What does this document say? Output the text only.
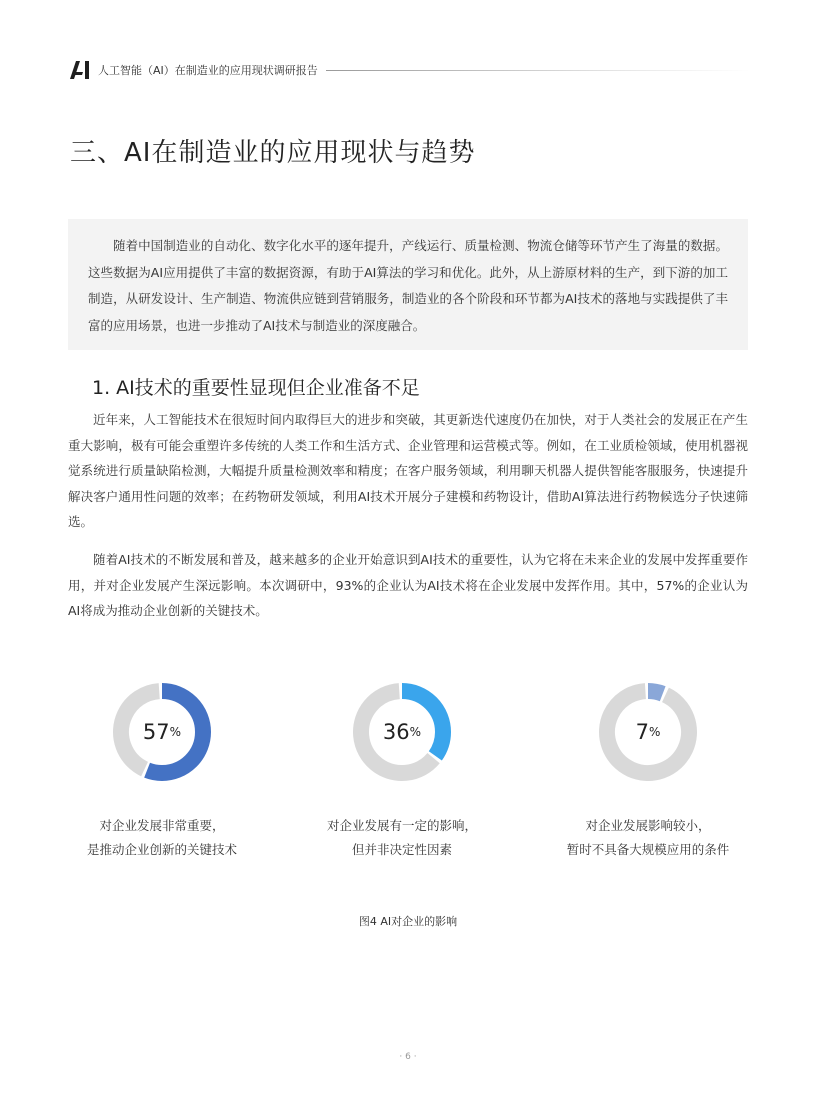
人工智能（AI）在制造业的应用现状调研报告
三、AI在制造业的应用现状与趋势
随着中国制造业的自动化、数字化水平的逐年提升，产线运行、质量检测、物流仓储等环节产生了海量的数据。这些数据为AI应用提供了丰富的数据资源，有助于AI算法的学习和优化。此外，从上游原材料的生产，到下游的加工制造，从研发设计、生产制造、物流供应链到营销服务，制造业的各个阶段和环节都为AI技术的落地与实践提供了丰富的应用场景，也进一步推动了AI技术与制造业的深度融合。
1. AI技术的重要性显现但企业准备不足

近年来，人工智能技术在很短时间内取得巨大的进步和突破，其更新迭代速度仍在加快，对于人类社会的发展正在产生重大影响，极有可能会重塑许多传统的人类工作和生活方式、企业管理和运营模式等。例如，在工业质检领域，使用机器视觉系统进行质量缺陷检测，大幅提升质量检测效率和精度；在客户服务领域，利用聊天机器人提供智能客服服务，快速提升解决客户通用性问题的效率；在药物研发领域，利用AI技术开展分子建模和药物设计，借助AI算法进行药物候选分子快速筛选。

随着AI技术的不断发展和普及，越来越多的企业开始意识到AI技术的重要性，认为它将在未来企业的发展中发挥重要作用，并对企业发展产生深远影响。本次调研中，93%的企业认为AI技术将在企业发展中发挥作用。其中，57%的企业认为AI将成为推动企业创新的关键技术。

57%
对企业发展非常重要，
是推动企业创新的关键技术
36%
对企业发展有一定的影响，
但并非决定性因素
7%
对企业发展影响较小，
暂时不具备大规模应用的条件
图4 AI对企业的影响
· 6 ·
